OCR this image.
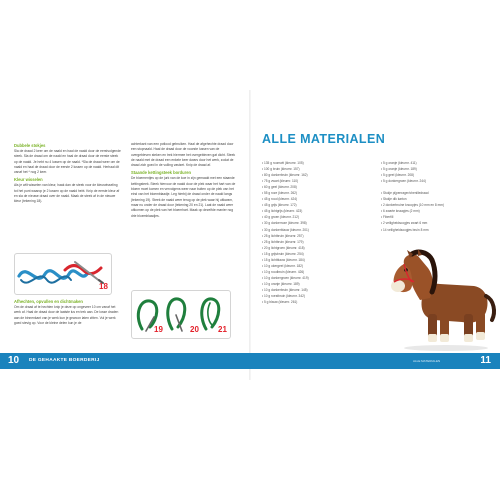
Dubbele stokjes

Sla de draad 2 keer om de naald en haal de naald door de eerstvolgende steek. Sla de draad om de naald en haal de draad door de eerste steek op de naald. Je hebt nu 4 lussen op de naald. *Sla de draad weer om de naald en haal de draad door de eerste 2 lussen op de naald. Herhaal dit vanaf het * nog 2 keer.

Kleur wisselen

Als je wilt wisselen van kleur, haak dan de steek voor de kleurwisseling tot het punt waarop je 2 lussen op de naald hebt. Knip de eerste kleur af en sla de nieuwe draad over de naald. Maak de steek af in de nieuwe kleur (tekening 18).

18
Afhechten, opvullen en dichtmaken

Om de draad af te hechten knip je deze op ongeveer 10 cm vanaf het werk af. Haal de draad door de laatste lus en trek aan. De losse draden aan de binnenkant van je werk kun je gewoon laten zitten. Vul je werk goed stevig op. Voor de kleine delen kun je de

achterkant van een potlood gebruiken. Haal de afgehechte draad door een stopnaald. Haal de draad door de voorste lussen van de overgebleven steken en trek hiermee het overgebleven gat dicht. Steek de naald met de draad een enkele keer dwars door het werk, zodat de draad zich goed in de vulling vastzet. Knip de draad af.

Staande kettingsteek borduren

De bloementjes op de jurk van de koe in zijn gemaakt met een staande kettingsteek. Steek hiervoor de naald door de plek waar het hart van de bloem moet komen en vervolgens weer naar buiten op de plek van het eind van het bloemblaadje. Leg hierbij de draad onder de naald langs (tekening 19). Steek de naald weer terug op de plek waar hij uitkwam, maar nu onder de draad door (tekening 20 en 21). Laat de naald weer uitkomen op de plek van het bloemhart. Maak op dezelfde manier nog drie bloemblaadjes.

19	20 21
ALLE MATERIALEN
• 135 g roomwit (kleurnr. 105)
• 100 g bruin (kleurnr. 157)
• 80 g donkerbruin (kleurnr. 162)
• 75 g zwart (kleurnr. 110)
• 60 g geel (kleurnr. 208)
• 55 g roze (kleurnr. 262)
• 45 g rood (kleurnr. 424)
• 45 g grijs (kleurnr. 172)
• 45 g lichtgrijs (kleurnr. 423)
• 40 g groen (kleurnr. 212)
• 30 g donkerroze (kleurnr. 398)
• 30 g donkerblauw (kleurnr. 201)
• 25 g lichtbruin (kleurnr. 257)
• 25 g lichtbruin (kleurnr. 179)
• 20 g lichtgroen (kleurnr. 418)
• 15 g grijsbruin (kleurnr. 254)
• 15 g lichtblauw (kleurnr. 184)
• 10 g okergeel (kleurnr. 182)
• 10 g roodbruin (kleurnr. 426)
• 10 g donkergroen (kleurnr. 419)
• 10 g oranje (kleurnr. 189)
• 10 g donkerbruin (kleurnr. 145)
• 10 g roestbruin (kleurnr. 342)
• 5 g blauw (kleurnr. 261)
• 5 g oranje (kleurnr. 411)
• 5 g oranje (kleurnr. 189)
• 5 g geel (kleurnr. 208)
• 5 g donkergroen (kleurnr. 244)
• Stukje pijpenrager/chenilledraad
• Stukje dik karton
• 2 donkerbruine knoopjes (10 mm en 8 mm)
• 6 zwarte knaapjes (2 mm)
• Fiberfill
• 2 veiligheidsoogjes zwart 6 mm
• 14 veiligheidsoogjes bruin 8 mm
10 DE GEHAAKTE BOERDERIJ	ALLE MATERIALEN	11
